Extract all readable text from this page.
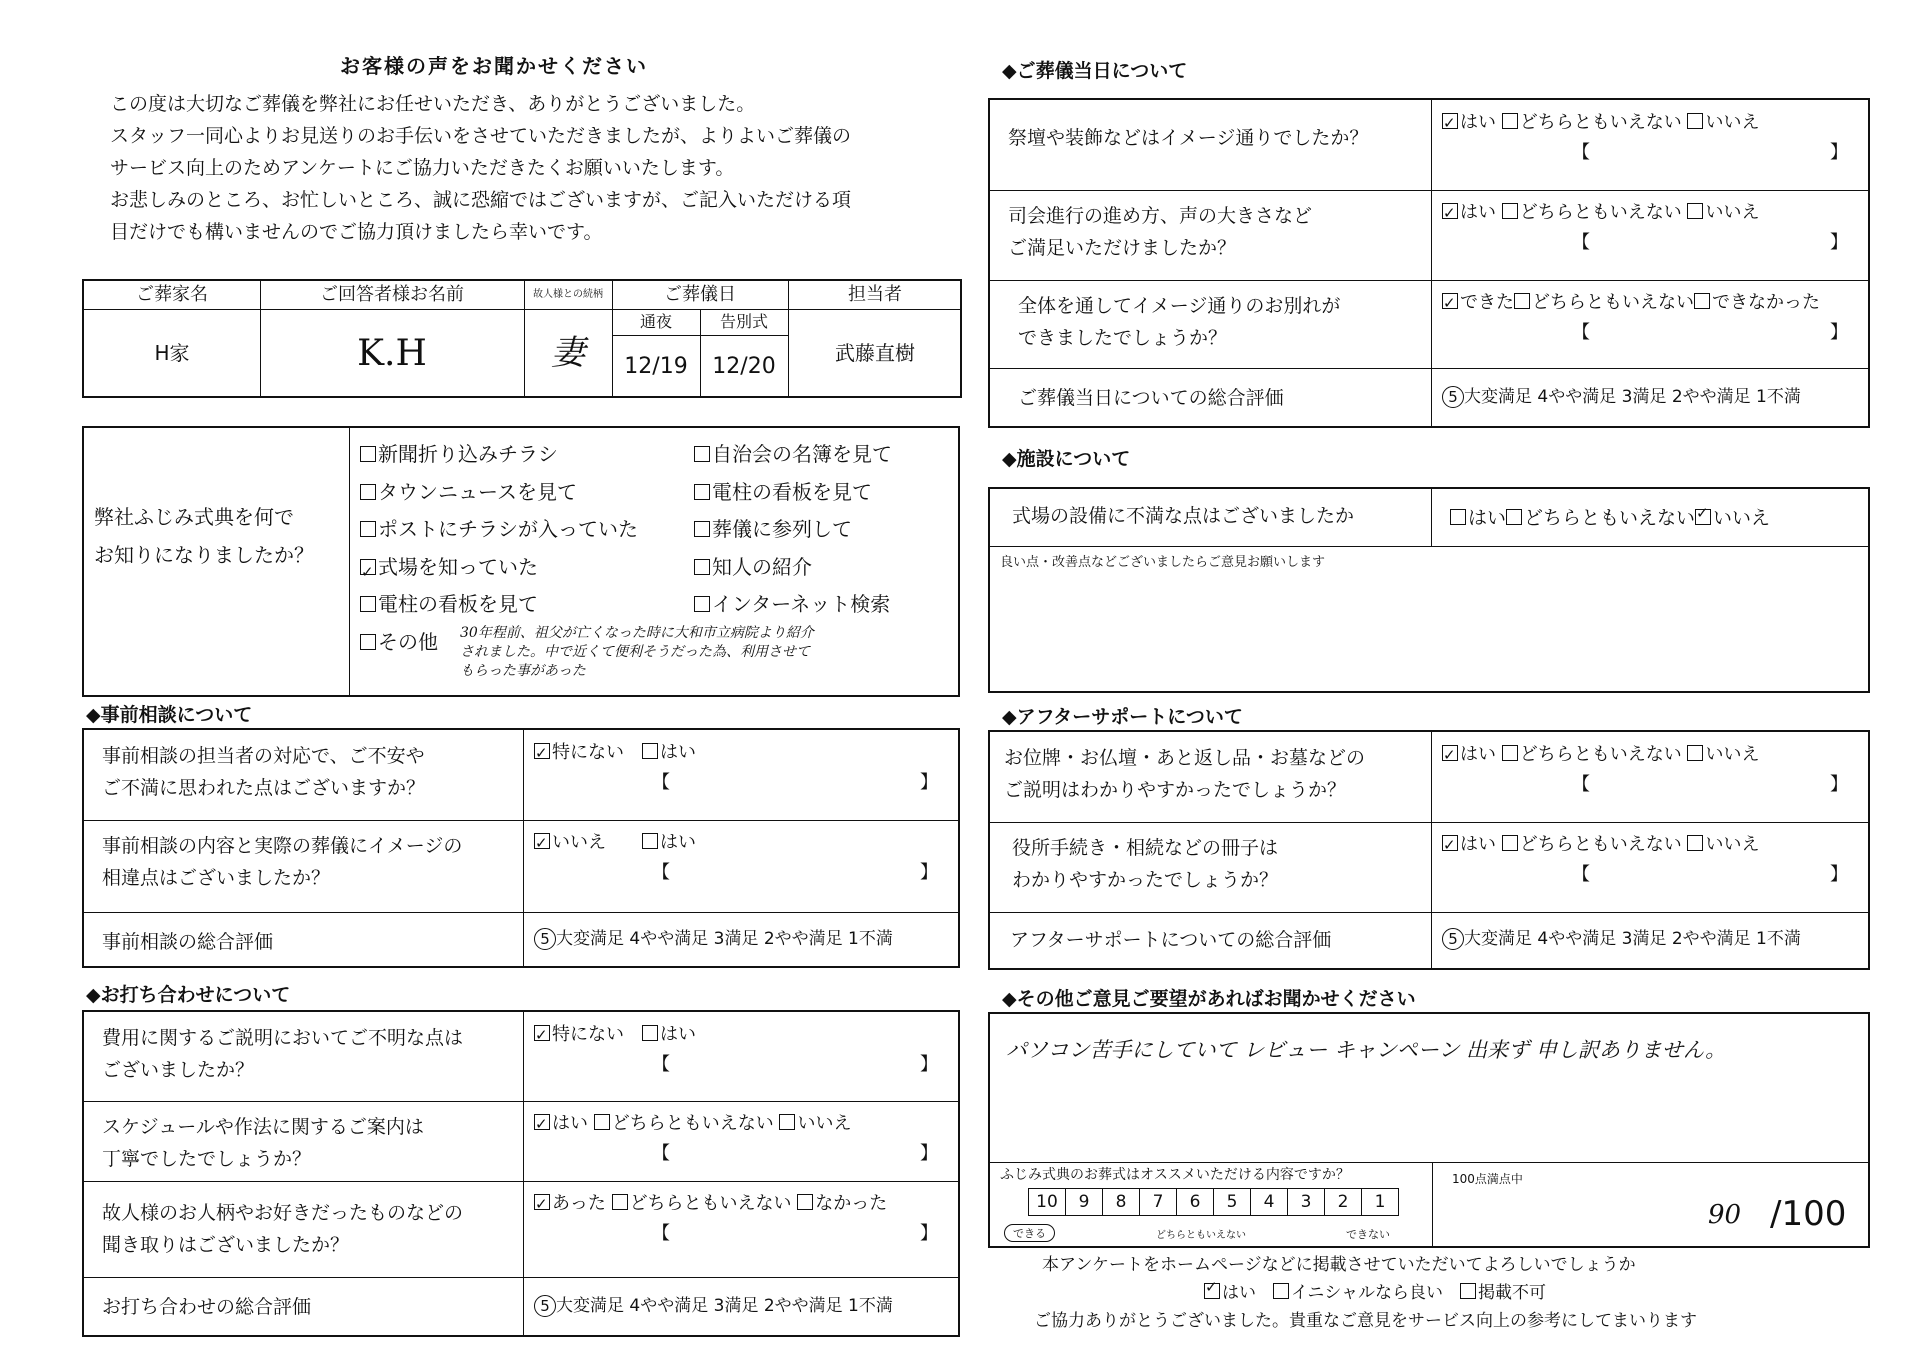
お客様の声をお聞かせください

この度は大切なご葬儀を弊社にお任せいただき、ありがとうございました。

スタッフ一同心よりお見送りのお手伝いをさせていただきましたが、よりよいご葬儀の

サービス向上のためアンケートにご協力いただきたくお願いいたします。

お悲しみのところ、お忙しいところ、誠に恐縮ではございますが、ご記入いただける項

目だけでも構いませんのでご協力頂けましたら幸いです。

ご葬家名	ご回答者様お名前	故人様との続柄	ご葬儀日	担当者
通夜	告別式
H家	K.H	妻	12/19	12/20
武藤直樹
弊社ふじみ式典を何で
お知りになりましたか？
新聞折り込みチラシ
タウンニュースを見て
ポストにチラシが入っていた
✓式場を知っていた
電柱の看板を見て
その他
自治会の名簿を見て
電柱の看板を見て
葬儀に参列して
知人の紹介
インターネット検索
30年程前、祖父が亡くなった時に大和市立病院より紹介
されました。中で近くて便利そうだった為、利用させて
もらった事があった
◆事前相談について
事前相談の担当者の対応で、ご不安や
ご不満に思われた点はございますか？
✓特にない　 はい
【	】
事前相談の内容と実際の葬儀にイメージの
相違点はございましたか？
✓いいえ　　	はい
【	】
事前相談の総合評価	5 大変満足 4やや満足 3満足 2やや満足 1不満
◆お打ち合わせについて
費用に関するご説明においてご不明な点は
ございましたか？
✓特にない　 はい
【	】
スケジュールや作法に関するご案内は
丁寧でしたでしょうか？
✓はい どちらともいえない いいえ
【	】
故人様のお人柄やお好きだったものなどの
聞き取りはございましたか？
✓あった どちらともいえない なかった
【	】
お打ち合わせの総合評価	5 大変満足 4やや満足 3満足 2やや満足 1不満
◆ご葬儀当日について
祭壇や装飾などはイメージ通りでしたか？
✓はい どちらともいえない いいえ
【	】
司会進行の進め方、声の大きさなど
ご満足いただけましたか？
✓はい どちらともいえない いいえ
【	】
全体を通してイメージ通りのお別れが
できましたでしょうか？
✓できた どちらともいえない できなかった
【	】
ご葬儀当日についての総合評価	5 大変満足 4やや満足 3満足 2やや満足 1不満
◆施設について
式場の設備に不満な点はございましたか	はい どちらともいえない✓ いいえ
良い点・改善点などございましたらご意見お願いします
◆アフターサポートについて
お位牌・お仏壇・あと返し品・お墓などの
ご説明はわかりやすかったでしょうか？
✓はい どちらともいえない いいえ
【	】
役所手続き・相続などの冊子は
わかりやすかったでしょうか？
✓はい どちらともいえない いいえ
【	】
アフターサポートについての総合評価	5 大変満足 4やや満足 3満足 2やや満足 1不満
◆その他ご意見ご要望があればお聞かせください
パソコン苦手にしていて レビュー キャンペーン 出来ず 申し訳ありません。
ふじみ式典のお葬式はオススメいただける内容ですか？
10	9	8	7	6	5	4	3	2	1
できる	どちらともいえない	できない
100点満点中
90 /100
本アンケートをホームページなどに掲載させていただいてよろしいでしょうか
✓はい　 イニシャルなら良い　 掲載不可
ご協力ありがとうございました。貴重なご意見をサービス向上の参考にしてまいります
